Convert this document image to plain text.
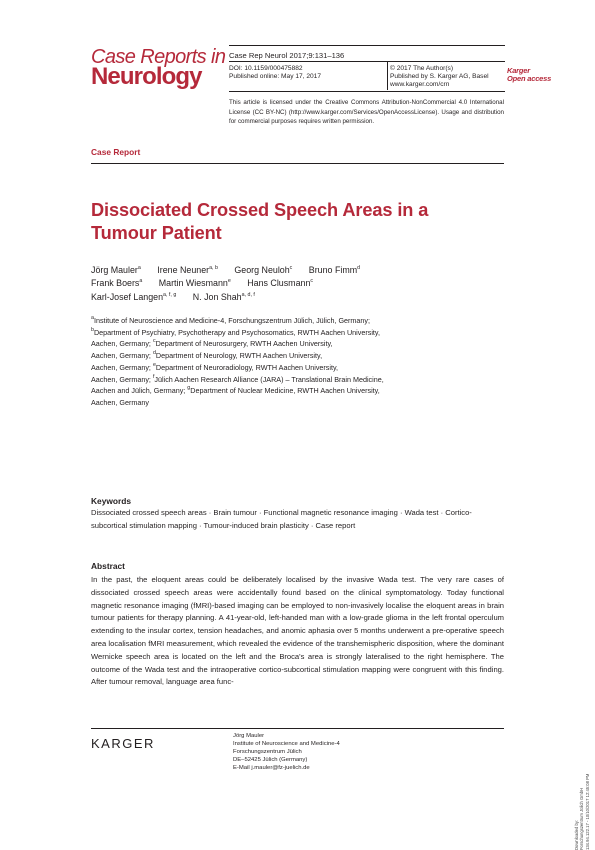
Case Reports in
Neurology
Case Rep Neurol 2017;9:131–136
DOI: 10.1159/000475882
Published online: May 17, 2017
© 2017 The Author(s)
Published by S. Karger AG, Basel
www.karger.com/crn
Karger
Open access
This article is licensed under the Creative Commons Attribution-NonCommercial 4.0 International License (CC BY-NC) (http://www.karger.com/Services/OpenAccessLicense). Usage and distribution for commercial purposes requires written permission.
Case Report
Dissociated Crossed Speech Areas in a Tumour Patient
Jörg Mauler$^a$ Irene Neuner$^{a, b}$ Georg Neuloh$^c$ Bruno Fimm$^d$
Frank Boers$^a$ Martin Wiesmann$^e$ Hans Clusmann$^c$
Karl-Josef Langen$^{a, f, g}$ N. Jon Shah$^{a, d, f}$
$^a$Institute of Neuroscience and Medicine-4, Forschungszentrum Jülich, Jülich, Germany;
$^b$Department of Psychiatry, Psychotherapy and Psychosomatics, RWTH Aachen University,
Aachen, Germany; $^c$Department of Neurosurgery, RWTH Aachen University,
Aachen, Germany; $^d$Department of Neurology, RWTH Aachen University,
Aachen, Germany; $^e$Department of Neuroradiology, RWTH Aachen University,
Aachen, Germany; $^f$Jülich Aachen Research Alliance (JARA) – Translational Brain Medicine,
Aachen and Jülich, Germany; $^g$Department of Nuclear Medicine, RWTH Aachen University,
Aachen, Germany
Keywords
Dissociated crossed speech areas · Brain tumour · Functional magnetic resonance imaging · Wada test · Cortico-subcortical stimulation mapping · Tumour-induced brain plasticity · Case report
Abstract
In the past, the eloquent areas could be deliberately localised by the invasive Wada test. The very rare cases of dissociated crossed speech areas were accidentally found based on the clinical symptomatology. Today functional magnetic resonance imaging (fMRI)-based imaging can be employed to non-invasively localise the eloquent areas in brain tumour patients for therapy planning. A 41-year-old, left-handed man with a low-grade glioma in the left frontal operculum extending to the insular cortex, tension headaches, and anomic aphasia over 5 months underwent a pre-operative speech area localisation fMRI measurement, which revealed the evidence of the transhemispheric disposition, where the dominant Wernicke speech area is located on the left and the Broca's area is strongly lateralised to the right hemisphere. The outcome of the Wada test and the intraoperative cortico-subcortical stimulation mapping were congruent with this finding. After tumour removal, language area func-
KARGER	Jörg Mauler
Institute of Neuroscience and Medicine-4
Forschungszentrum Jülich
DE–52425 Jülich (Germany)
E-Mail j.mauler@fz-juelich.de
Downloaded by: Forschungszentrum Jülich GmbH 134.94.122.17 - 10/10/2017 12:45:08 PM
